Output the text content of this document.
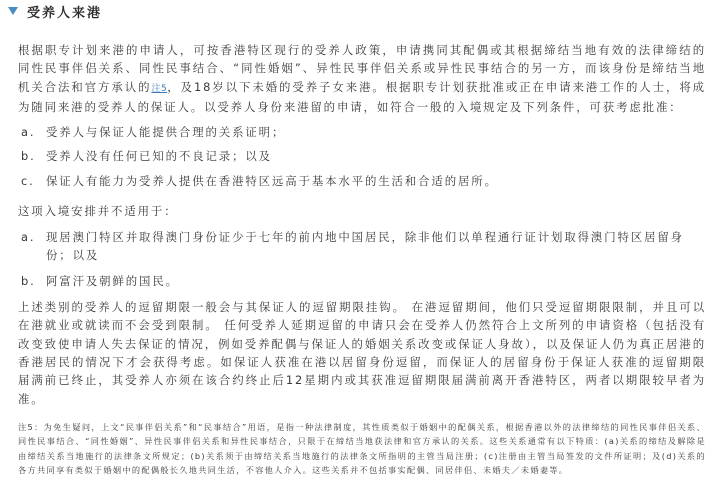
受养人来港

根据职专计划来港的申请人，可按香港特区现行的受养人政策，申请携同其配偶或其根据缔结当地有效的法律缔结的同性民事伴侣关系、同性民事结合、“同性婚姻”、异性民事伴侣关系或异性民事结合的另一方，而该身份是缔结当地机关合法和官方承认的注5，及18岁以下未婚的受养子女来港。根据职专计划获批准或正在申请来港工作的人士，将成为随同来港的受养人的保证人。以受养人身份来港留的申请，如符合一般的入境规定及下列条件，可获考虑批准：

a. 受养人与保证人能提供合理的关系证明；
b. 受养人没有任何已知的不良记录；以及
c. 保证人有能力为受养人提供在香港特区远高于基本水平的生活和合适的居所。

这项入境安排并不适用于：

a. 现居澳门特区并取得澳门身份证少于七年的前内地中国居民，除非他们以单程通行证计划取得澳门特区居留身份；以及
b. 阿富汗及朝鲜的国民。

上述类别的受养人的逗留期限一般会与其保证人的逗留期限挂钩。 在港逗留期间，他们只受逗留期限限制，并且可以在港就业或就读而不会受到限制。 任何受养人延期逗留的申请只会在受养人仍然符合上文所列的申请资格（包括没有改变致使申请人失去保证的情况，例如受养配偶与保证人的婚姻关系改变或保证人身故），以及保证人仍为真正居港的香港居民的情况下才会获得考虑。如保证人获准在港以居留身份逗留，而保证人的居留身份于保证人获准的逗留期限届满前已终止，其受养人亦须在该合约终止后12星期内或其获准逗留期限届满前离开香港特区，两者以期限较早者为准。

注5：为免生疑问，上文“民事伴侣关系”和“民事结合”用语，是指一种法律制度，其性质类似于婚姻中的配偶关系，根据香港以外的法律缔结的同性民事伴侣关系、同性民事结合、“同性婚姻”、异性民事伴侣关系和异性民事结合，只限于在缔结当地获法律和官方承认的关系。这些关系通常有以下特质：(a)关系的缔结及解除是由缔结关系当地施行的法律条文所规定；(b)关系须于由缔结关系当地施行的法律条文所指明的主管当局注册；(c)注册由主管当局签发的文件所证明；及(d)关系的各方共同享有类似于婚姻中的配偶般长久地共同生活，不容他人介入。这些关系并不包括事实配偶、同居伴侣、未婚夫／未婚妻等。
